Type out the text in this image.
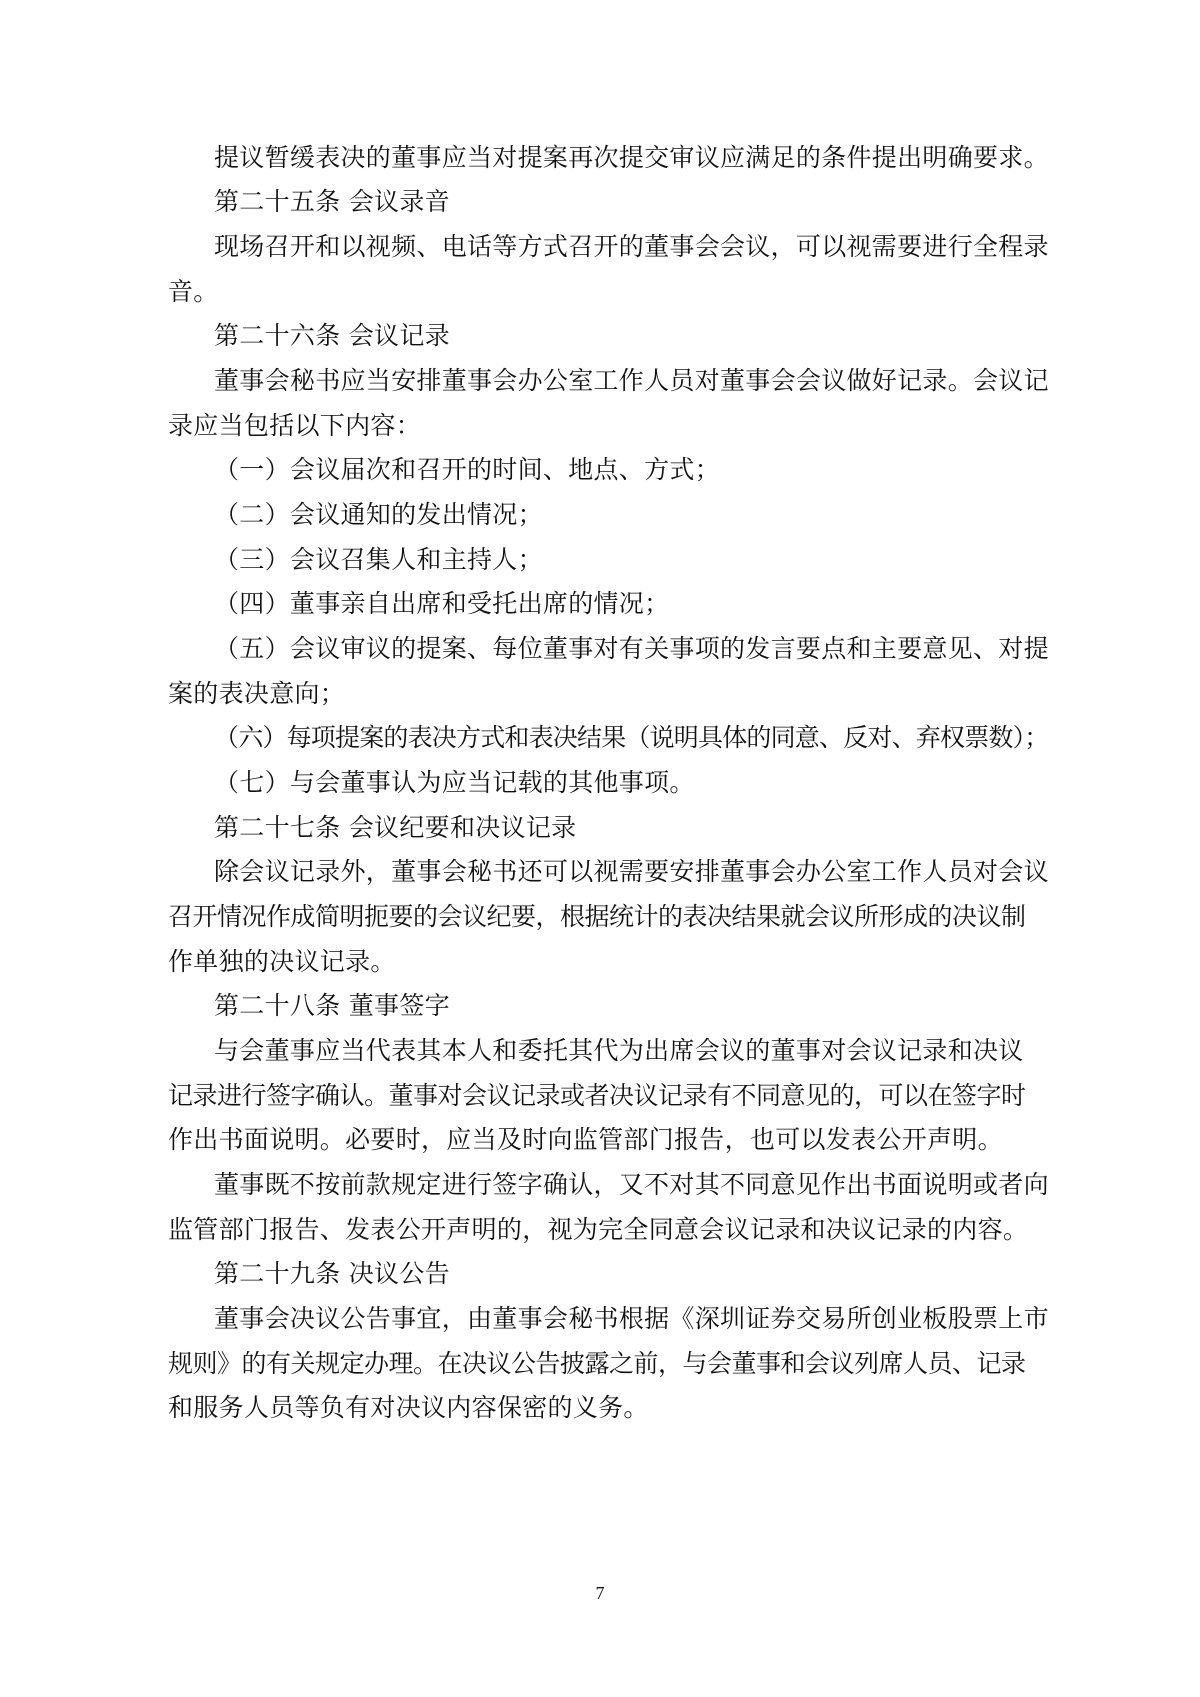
提议暂缓表决的董事应当对提案再次提交审议应满足的条件提出明确要求。
第二十五条 会议录音
现场召开和以视频、电话等方式召开的董事会会议，可以视需要进行全程录
音。
第二十六条 会议记录
董事会秘书应当安排董事会办公室工作人员对董事会会议做好记录。会议记
录应当包括以下内容：
（一）会议届次和召开的时间、地点、方式；
（二）会议通知的发出情况；
（三）会议召集人和主持人；
（四）董事亲自出席和受托出席的情况；
（五）会议审议的提案、每位董事对有关事项的发言要点和主要意见、对提
案的表决意向；
（六）每项提案的表决方式和表决结果（说明具体的同意、反对、弃权票数）；
（七）与会董事认为应当记载的其他事项。
第二十七条 会议纪要和决议记录
除会议记录外，董事会秘书还可以视需要安排董事会办公室工作人员对会议
召开情况作成简明扼要的会议纪要，根据统计的表决结果就会议所形成的决议制
作单独的决议记录。
第二十八条 董事签字
与会董事应当代表其本人和委托其代为出席会议的董事对会议记录和决议
记录进行签字确认。董事对会议记录或者决议记录有不同意见的，可以在签字时
作出书面说明。必要时，应当及时向监管部门报告，也可以发表公开声明。
董事既不按前款规定进行签字确认，又不对其不同意见作出书面说明或者向
监管部门报告、发表公开声明的，视为完全同意会议记录和决议记录的内容。
第二十九条 决议公告
董事会决议公告事宜，由董事会秘书根据《深圳证券交易所创业板股票上市
规则》的有关规定办理。在决议公告披露之前，与会董事和会议列席人员、记录
和服务人员等负有对决议内容保密的义务。
7
